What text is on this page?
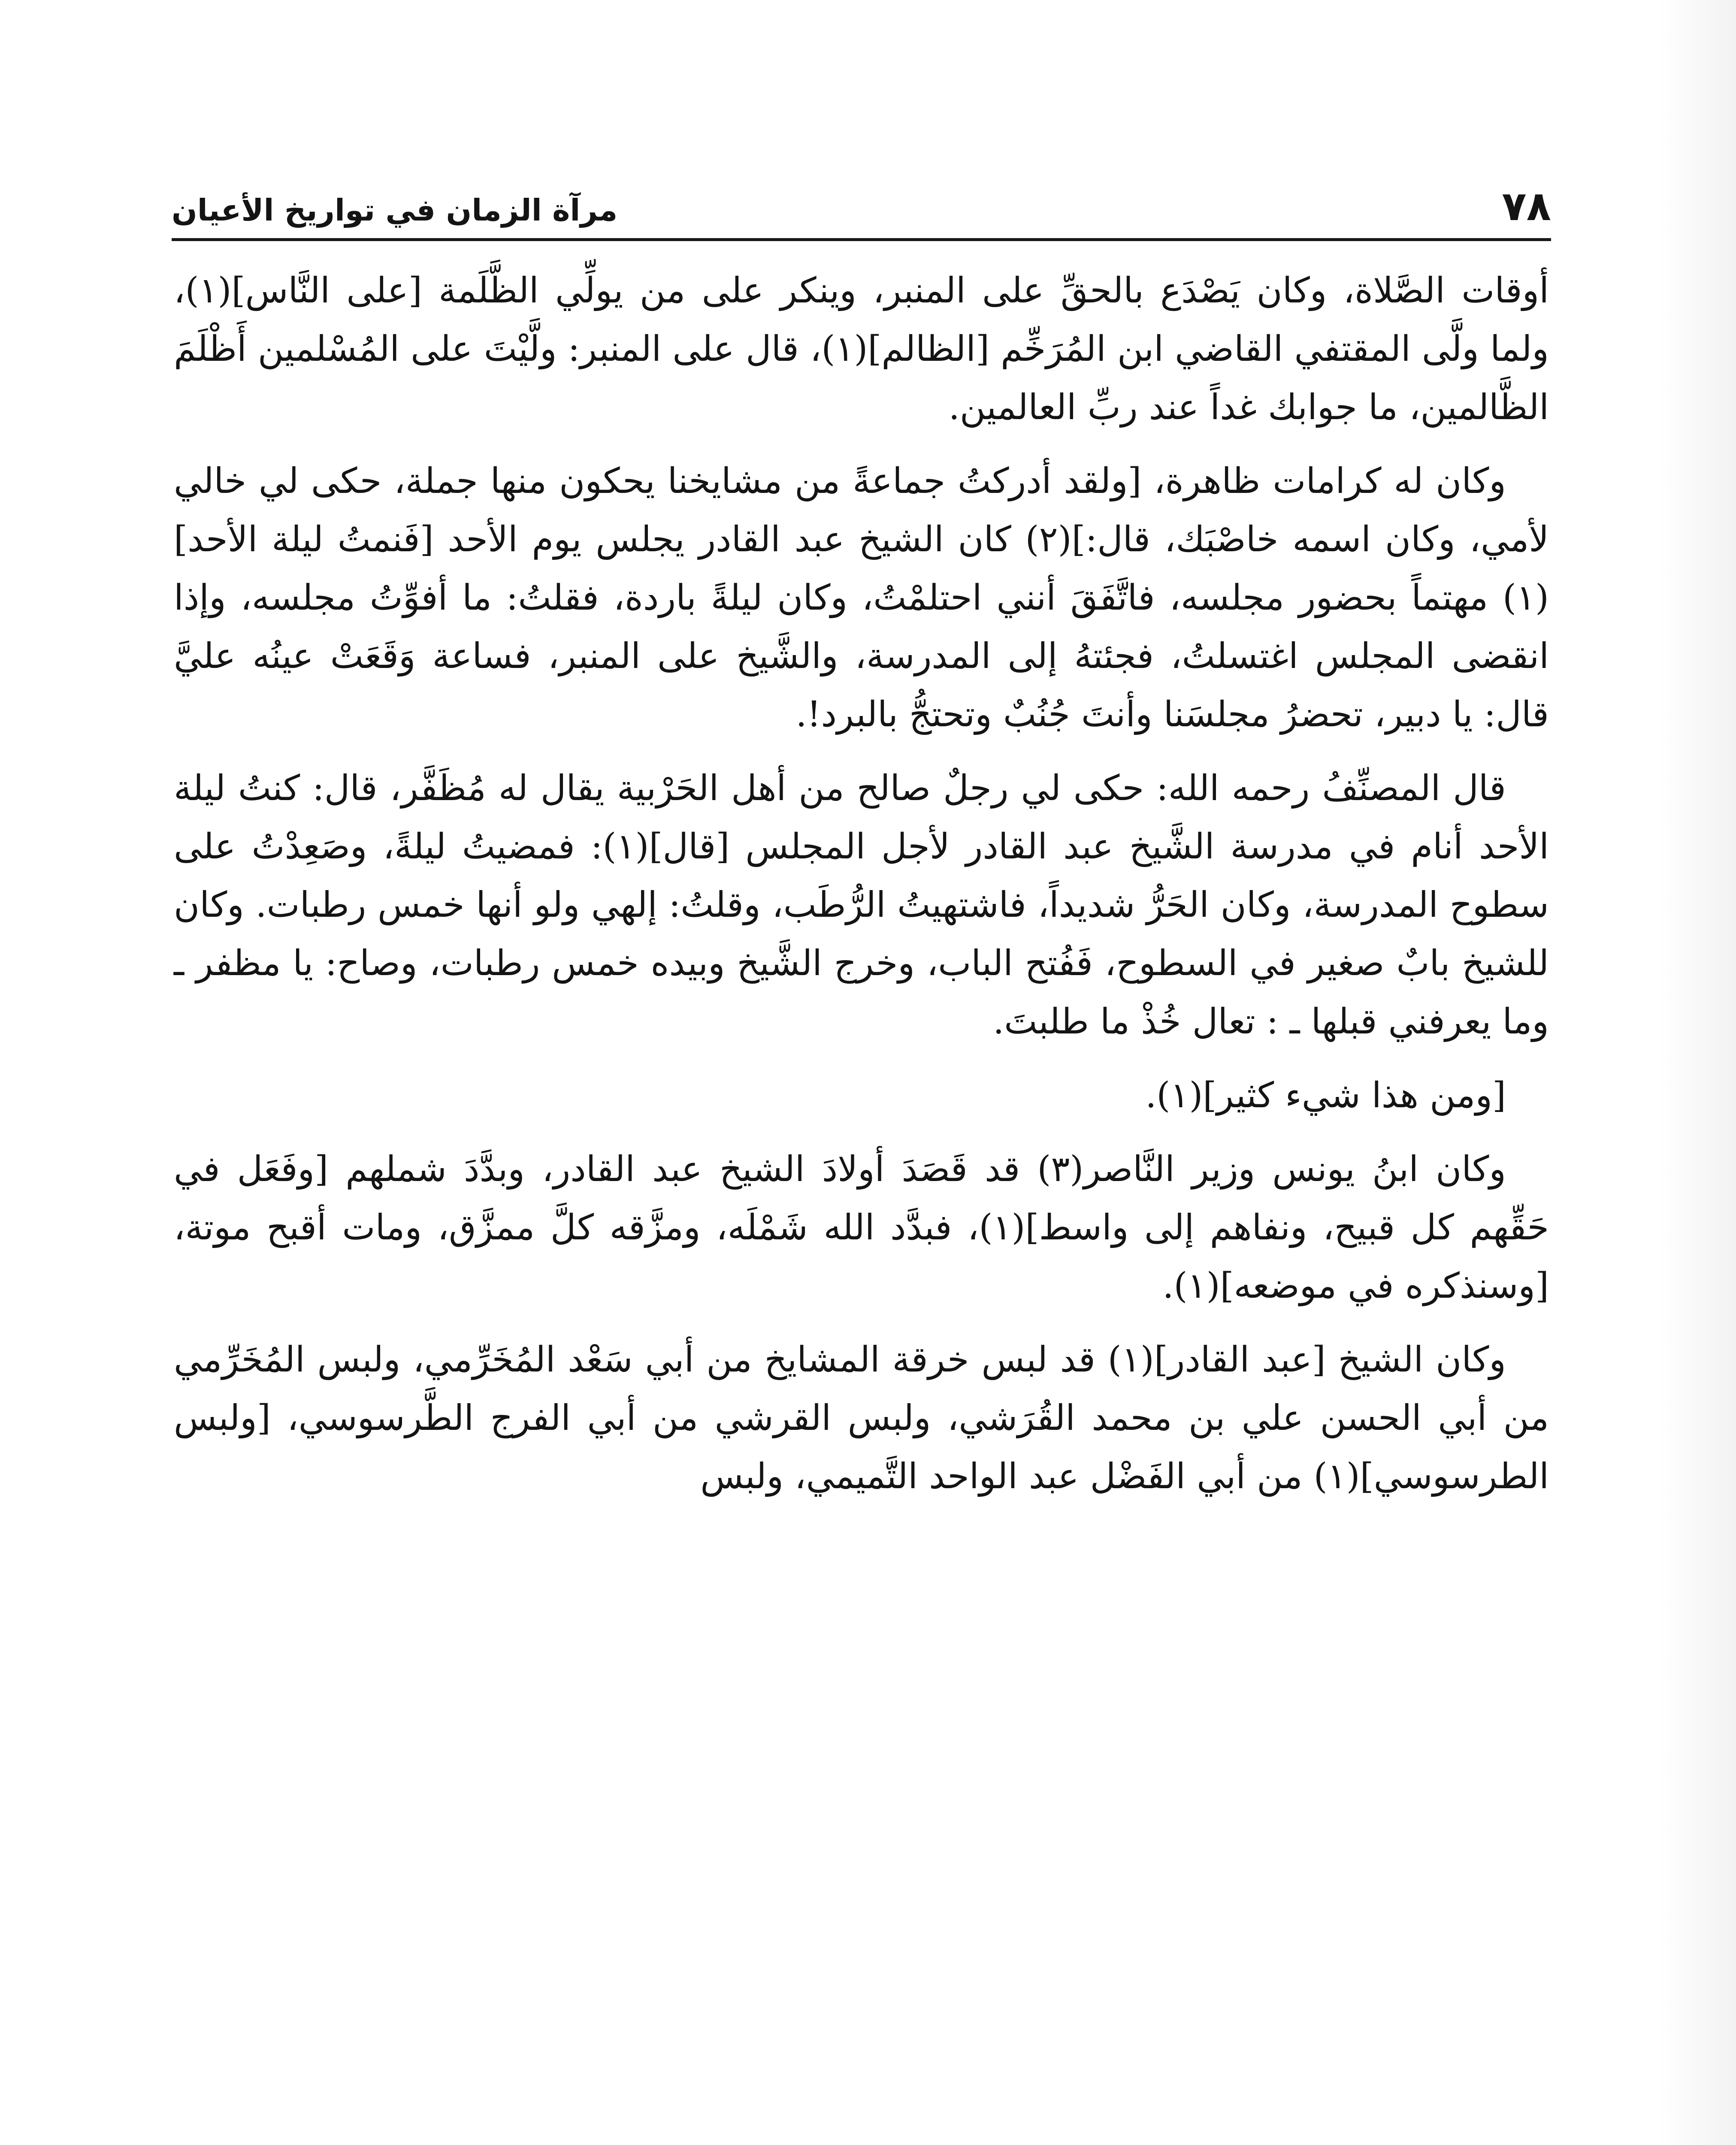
٧٨
مرآة الزمان في تواريخ الأعيان

أوقات الصَّلاة، وكان يَصْدَع بالحقِّ على المنبر، وينكر على من يولِّي الظَّلَمة [على النَّاس](١)، ولما ولَّى المقتفي القاضي ابن المُرَخِّم [الظالم](١)، قال على المنبر: ولَّيْتَ على المُسْلمين أَظْلَمَ الظَّالمين، ما جوابك غداً عند ربِّ العالمين.

وكان له كرامات ظاهرة، [ولقد أدركتُ جماعةً من مشايخنا يحكون منها جملة، حكى لي خالي لأمي، وكان اسمه خاصْبَك، قال:](٢) كان الشيخ عبد القادر يجلس يوم الأحد [فَنمتُ ليلة الأحد](١) مهتماً بحضور مجلسه، فاتَّفَقَ أنني احتلمْتُ، وكان ليلةً باردة، فقلتُ: ما أفوِّتُ مجلسه، وإذا انقضى المجلس اغتسلتُ، فجئتهُ إلى المدرسة، والشَّيخ على المنبر، فساعة وَقَعَتْ عينُه عليَّ قال: يا دبير، تحضرُ مجلسَنا وأنتَ جُنُبٌ وتحتجُّ بالبرد!.

قال المصنِّفُ رحمه الله: حكى لي رجلٌ صالح من أهل الحَرْبية يقال له مُظَفَّر، قال: كنتُ ليلة الأحد أنام في مدرسة الشَّيخ عبد القادر لأجل المجلس [قال](١): فمضيتُ ليلةً، وصَعِدْتُ على سطوح المدرسة، وكان الحَرُّ شديداً، فاشتهيتُ الرُّطَب، وقلتُ: إلهي ولو أنها خمس رطبات. وكان للشيخ بابٌ صغير في السطوح، فَفُتح الباب، وخرج الشَّيخ وبيده خمس رطبات، وصاح: يا مظفر ـ وما يعرفني قبلها ـ : تعال خُذْ ما طلبتَ.

[ومن هذا شيء كثير](١).

وكان ابنُ يونس وزير النَّاصر(٣) قد قَصَدَ أولادَ الشيخ عبد القادر، وبدَّدَ شملهم [وفَعَل في حَقِّهم كل قبيح، ونفاهم إلى واسط](١)، فبدَّد الله شَمْلَه، ومزَّقه كلَّ ممزَّق، ومات أقبح موتة، [وسنذكره في موضعه](١).

وكان الشيخ [عبد القادر](١) قد لبس خرقة المشايخ من أبي سَعْد المُخَرِّمي، ولبس المُخَرِّمي من أبي الحسن علي بن محمد القُرَشي، ولبس القرشي من أبي الفرج الطَّرسوسي، [ولبس الطرسوسي](١) من أبي الفَضْل عبد الواحد التَّميمي، ولبس
